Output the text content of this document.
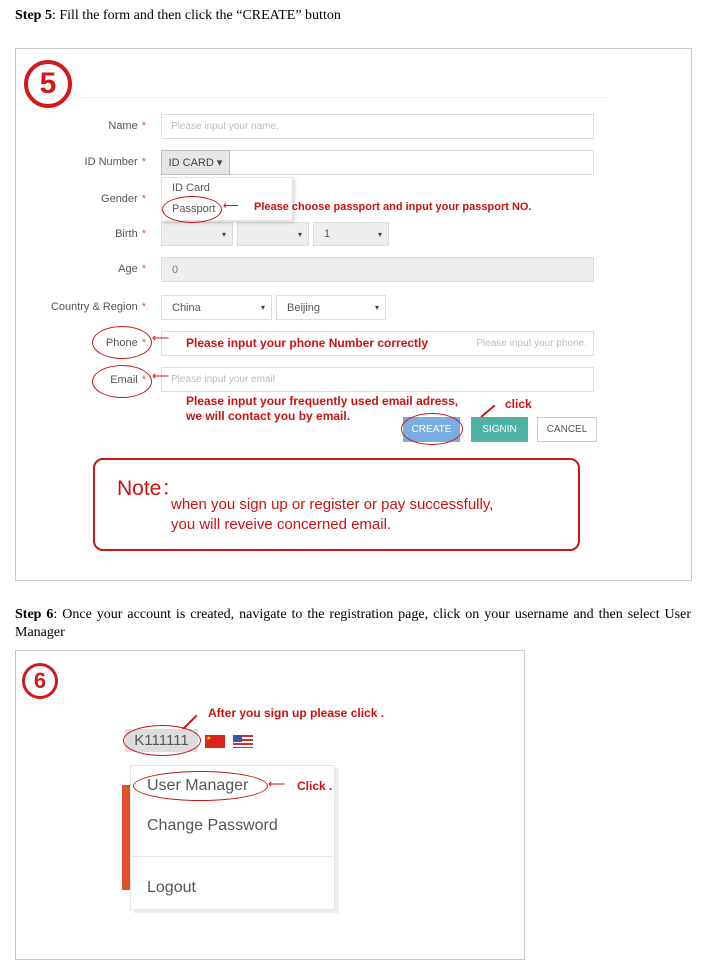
Step 5: Fill the form and then click the “CREATE” button
5
Name *	Please input your name.
ID Number * ID CARD ▾
Gender *
Birth *	▾	▾ 1	▾
ID Card
Passport ⟵ Please choose passport and input your passport NO.
Age *	0
Country & Region * China	▾ Beijing	▾
Phone *	Please input your phone.
⟵ Please input your phone Number correctly
Email *	Please input your email
⟵
Please input your frequently used email adress,
we will contact you by email.
click
CREATE	SIGNIN	CANCEL
Note：
when you sign up or register or pay successfully,
you will reveive concerned email.
Step 6: Once your account is created, navigate to the registration page, click on your username and then select User Manager
6
After you sign up please click .
K111111	★
User Manager ⟵ Click .
Change Password
Logout
